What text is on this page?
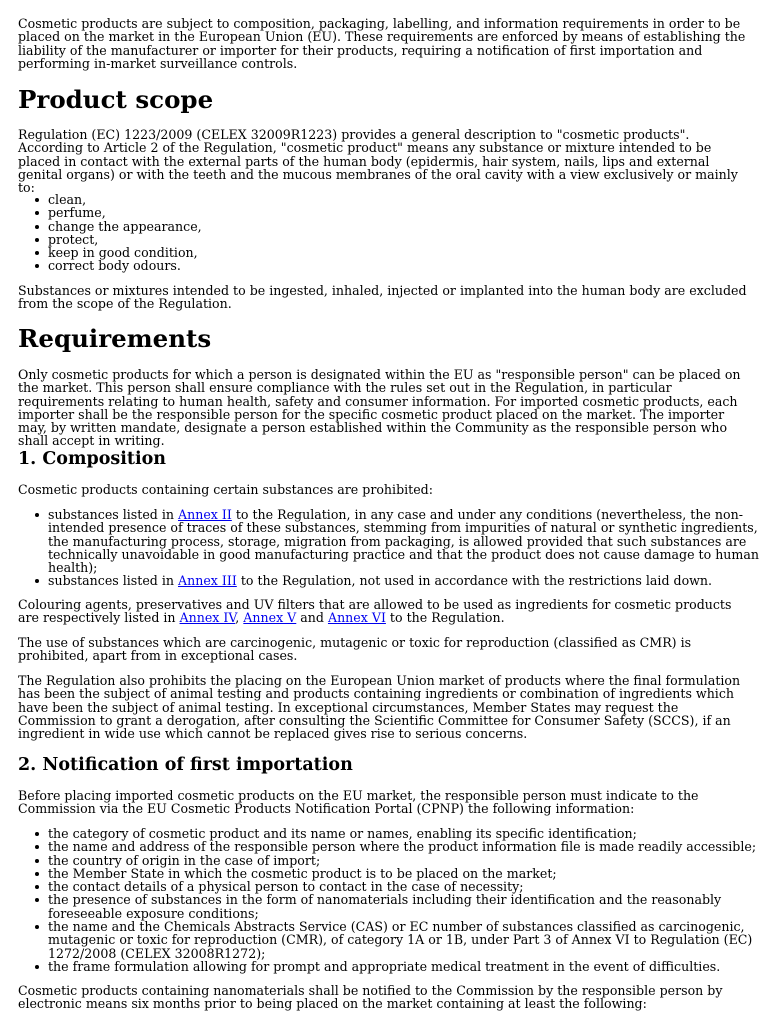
Cosmetic products are subject to composition, packaging, labelling, and information requirements in order to be placed on the market in the European Union (EU). These requirements are enforced by means of establishing the liability of the manufacturer or importer for their products, requiring a notification of first importation and performing in-market surveillance controls.

Product scope

Regulation (EC) 1223/2009 (CELEX 32009R1223) provides a general description to "cosmetic products". According to Article 2 of the Regulation, "cosmetic product" means any substance or mixture intended to be placed in contact with the external parts of the human body (epidermis, hair system, nails, lips and external genital organs) or with the teeth and the mucous membranes of the oral cavity with a view exclusively or mainly to:

clean,
perfume,
change the appearance,
protect,
keep in good condition,
correct body odours.

Substances or mixtures intended to be ingested, inhaled, injected or implanted into the human body are excluded from the scope of the Regulation.

Requirements

Only cosmetic products for which a person is designated within the EU as "responsible person" can be placed on the market. This person shall ensure compliance with the rules set out in the Regulation, in particular requirements relating to human health, safety and consumer information. For imported cosmetic products, each importer shall be the responsible person for the specific cosmetic product placed on the market. The importer may, by written mandate, designate a person established within the Community as the responsible person who shall accept in writing.

1. Composition

Cosmetic products containing certain substances are prohibited:

substances listed in Annex II to the Regulation, in any case and under any conditions (nevertheless, the non-intended presence of traces of these substances, stemming from impurities of natural or synthetic ingredients, the manufacturing process, storage, migration from packaging, is allowed provided that such substances are technically unavoidable in good manufacturing practice and that the product does not cause damage to human health);
substances listed in Annex III to the Regulation, not used in accordance with the restrictions laid down.

Colouring agents, preservatives and UV filters that are allowed to be used as ingredients for cosmetic products are respectively listed in Annex IV, Annex V and Annex VI to the Regulation.

The use of substances which are carcinogenic, mutagenic or toxic for reproduction (classified as CMR) is prohibited, apart from in exceptional cases.

The Regulation also prohibits the placing on the European Union market of products where the final formulation has been the subject of animal testing and products containing ingredients or combination of ingredients which have been the subject of animal testing. In exceptional circumstances, Member States may request the Commission to grant a derogation, after consulting the Scientific Committee for Consumer Safety (SCCS), if an ingredient in wide use which cannot be replaced gives rise to serious concerns.

2. Notification of first importation

Before placing imported cosmetic products on the EU market, the responsible person must indicate to the Commission via the EU Cosmetic Products Notification Portal (CPNP) the following information:

the category of cosmetic product and its name or names, enabling its specific identification;
the name and address of the responsible person where the product information file is made readily accessible;
the country of origin in the case of import;
the Member State in which the cosmetic product is to be placed on the market;
the contact details of a physical person to contact in the case of necessity;
the presence of substances in the form of nanomaterials including their identification and the reasonably foreseeable exposure conditions;
the name and the Chemicals Abstracts Service (CAS) or EC number of substances classified as carcinogenic, mutagenic or toxic for reproduction (CMR), of category 1A or 1B, under Part 3 of Annex VI to Regulation (EC) 1272/2008 (CELEX 32008R1272);
the frame formulation allowing for prompt and appropriate medical treatment in the event of difficulties.

Cosmetic products containing nanomaterials shall be notified to the Commission by the responsible person by electronic means six months prior to being placed on the market containing at least the following:
